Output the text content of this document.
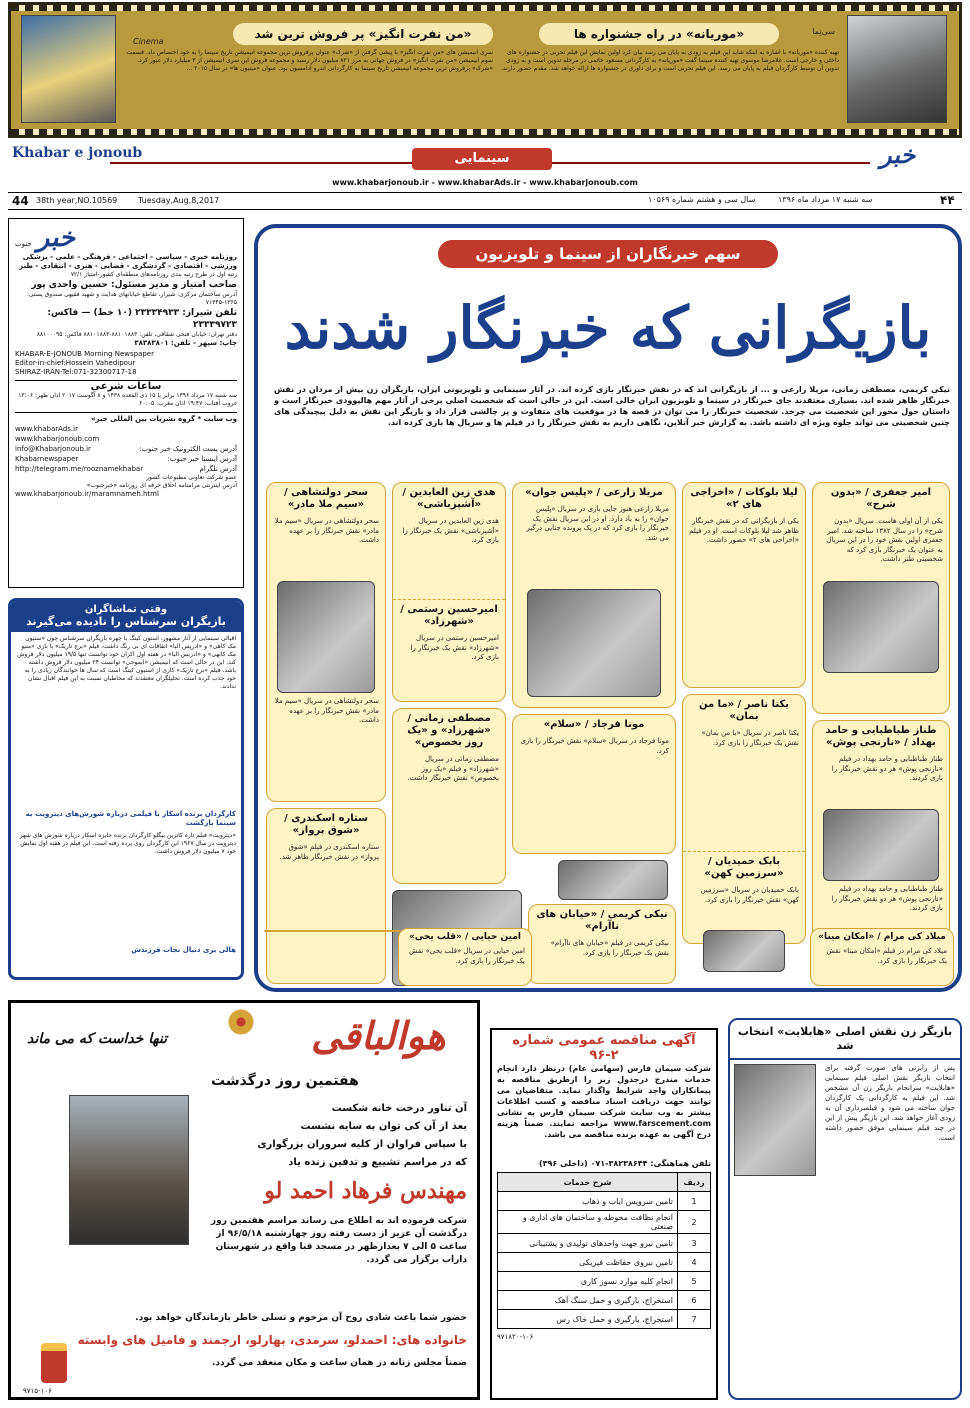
Cinema
«من نفرت انگیز» پر فروش ترین شد
سری انیمیشن های «من نفرت انگیز» با پیشی گرفتن از «شرک» عنوان پرفروش ترین مجموعه انیمیشن تاریخ سینما را به خود اختصاص داد. قسمت سوم انیمیشن «من نفرت انگیز» در فروش جهانی به مرز ۸۲۱ میلیون دلار رسید و مجموعه فروش این سری انیمیشن از ۳ میلیارد دلار عبور کرد. «شرک» پرفروش ترین مجموعه انیمیشن تاریخ سینما به کارگردانی اندرو آدامسون بود. عنوان «مینیون ها» در سال ۲۰۱۵ ...
«موریانه» در راه جشنواره ها	سی‌نِما
تهیه کننده «موریانه» با اشاره به اینکه شاید این فیلم به زودی به پایان می رسد بیان کرد اولین نمایش این فیلم تجربی در جشنواره های داخلی و خارجی است. غلامرضا موسوی تهیه کننده سینما گفت «موریانه» به کارگردانی مسعود حاتمی در مرحله تدوین است و به زودی تدوین آن توسط کارگردان فیلم به پایان می رسد. این فیلم تجربی است و برای داوری در جشنواره ها ارائه خواهد شد. مقدم حضور دارند.
Khabar e jonoub	خبر
سینمایی
www.khabarjonoub.ir - www.khabarAds.ir - www.khabarjonoub.com
44 38th year,NO.10569	Tuesday,Aug,8,2017	سال سی و هشتم شماره ۱۰۵۶۹	سه شنبه ۱۷ مرداد ماه ۱۳۹۶	۴۴
خبر جنوب
روزنامه خبری - سیاسی - اجتماعی - فرهنگی - علمی - پزشکی ورزشی - اقتصادی - گردشگری - قضایی - هنری - انتقادی - طنز
رتبه اول در طرح رتبه بندی روزنامه‌های منطقه‌ای کشور-امتیاز ۷۲/۱
صاحب امتیاز و مدیر مسئول: حسین واحدی پور
آدرس ساختمان مرکزی: شیراز، تقاطع خیابانهای هدایت و شهید فقیهی صندوق پستی: ۱۳۶۵-۷۱۳۴۵
تلفن شیراز: ۲۳۳۳۴۹۳۳ (۱۰ خط) — فاکس: ۲۳۳۳۹۷۲۳
دفتر تهران: خیابان فتحی شقاقی، تلفن: ۸۸۱۰۱۸۸۳-۸۸۱۰۱۸۸۳ فاکس: ۸۸۱۰۰۰۹۵
چاپ: سپهر - تلفن: ۳۸۳۸۳۸۰۱
KHABAR-E-JONOUB Morning Newspaper
Editor-in-chief:Hossein Vahedipour
SHIRAZ-IRAN-Tel:071-32300717-18
ساعات شرعی
سه شنبه ۱۷ مرداد ۱۳۹۶ برابر با ۱۵ ذی القعده ۱۴۳۸ و ۸ آگوست ۲۰۱۷ اذان ظهر: ۱۳:۰۶ غروب آفتاب: ۱۹:۴۷ اذان مغرب: ۲۰:۰۵
وب سایت * گروه نشریات بین المللی خبر»
www.khabarAds.ir
www.khabarjonoub.com
آدرس پست الکترونیک خبر جنوب:
info@Khabarjonoub.ir
آدرس اینستا خبر جنوب:
Khabarnewspaper
آدرس تلگرام
http://telegram.me/rooznamekhabar
عضو شرکت تعاونی مطبوعات کشور
آدرس اینترنتی مرامنامه اخلاق حرفه ای روزنامه «خبرجنوب»
www.khabarjonoub.ir/maramnameh.html
وقتی تماشاگران
بازیگران سرشناس را نادیده می‌گیرند
اقبالی سینمایی از آثار مشهور، استون کینگ با چهره بازیگران سرشناس چون «ستیون مک کاهی» و «ادریس البا» اتفاقات ای بی رنگ داشت. فیلم «برج تاریک» با بازی «متیو مک کانهی» و «ادریس البا» در هفته اول اکران خود توانست تنها ۱۹/۵ میلیون دلار فروش کند. این در حالی است که انیمیشن «ایموجی» توانست ۲۴ میلیون دلار فروش داشته باشد. فیلم «برج تاریک» کاری از استیون کینگ است که سال ها خوانندگان زیادی را به خود جذب کرده است. تحلیلگران معتقدند که مخاطبان نسبت به این فیلم اقبال نشان ندادند.
کارگردان برنده اسکار با فیلمی درباره شورش‌های دیترویت به سینما بازگشت
«دیترویت» فیلم تازه کاترین بیگلو کارگردان برنده جایزه اسکار درباره شورش های شهر دیترویت در سال ۱۹۶۷ این کارگردان روی پرده رفته است. این فیلم در هفته اول نمایش خود ۷ میلیون دلار فروش داشت.
هالی بری دنبال نجات فرزندش
سهم خبرنگاران از سینما و تلویزیون
بازیگرانی که خبرنگار شدند
نیکی کریمی، مصطفی زمانی، مریلا زارعی و ... از بازیگرانی اند که در نقش خبرنگار بازی کرده اند. در آثار سینمایی و تلویزیونی ایران، بازیگران زن بیش از مردان در نقش خبرنگار ظاهر شده اند. بسیاری معتقدند جای خبرنگار در سینما و تلویزیون ایران خالی است. این در حالی است که شخصیت اصلی برخی از آثار مهم هالیوودی خبرنگار است و داستان حول محور این شخصیت می چرخد. شخصیت خبرنگار را می توان در قصه ها در موقعیت های متفاوت و پر چالشی قرار داد و بازیگر این نقش به دلیل پیچیدگی های چنین شخصیتی می تواند جلوه ویژه ای داشته باشد. به گزارش خبر آنلاین، نگاهی داریم به نقش خبرنگار را در فیلم ها و سریال ها بازی کرده اند.
امیر جعفری / «بدون شرح»
یکی از آن اولی هاست. سریال «بدون شرح» را در سال ۱۳۸۲ ساخته شد. امیر جعفری اولین نقش خود را در این سریال به عنوان یک خبرنگار بازی کرد که شخصیتی طنز داشت.
لیلا بلوکات / «اخراجی های ۲»
یکی از بازیگرانی که در نقش خبرنگار ظاهر شد لیلا بلوکات است. او در فیلم «اخراجی های ۲» حضور داشت.
مریلا زارعی / «پلیس جوان»
مریلا زارعی هنوز جایی بازی در سریال «پلیس جوان» را به یاد دارد. او در این سریال نقش یک خبرنگار را بازی کرد که در یک پرونده جنایی درگیر می شد.
هدی زین العابدین / «آشپزباشی»
هدی زین العابدین در سریال «آشپزباشی» نقش یک خبرنگار را بازی کرد.
امیرحسین رستمی / «شهرزاد»
امیرحسین رستمی در سریال «شهرزاد» نقش یک خبرنگار را بازی کرد.
سحر دولتشاهی / «سیم ملا مادر»
سحر دولتشاهی در سریال «سیم ملا مادر» نقش خبرنگار را بر عهده داشت.
سحر دولتشاهی در سریال «سیم ملا مادر» نقش خبرنگار را بر عهده داشت.
یکتا ناصر / «ما من بمان»
یکتا ناصر در سریال «با من بمان» نقش یک خبرنگار را بازی کرد.
بابک حمیدیان / «سرزمین کهن»
بابک حمیدیان در سریال «سرزمین کهن» نقش خبرنگار را بازی کرد.
طناز طباطبایی و حامد بهداد / «نارنجی پوش»
طناز طباطبایی و حامد بهداد در فیلم «نارنجی پوش» هر دو نقش خبرنگار را بازی کردند.
طناز طباطبایی و حامد بهداد در فیلم «نارنجی پوش» هر دو نقش خبرنگار را بازی کردند.
مصطفی زمانی / «شهرزاد» و «یک روز بخصوص»
مصطفی زمانی در سریال «شهرزاد» و فیلم «یک روز بخصوص» نقش خبرنگار داشت.
مونا فرجاد / «سلام»
مونا فرجاد در سریال «سلام» نقش خبرنگار را بازی کرد.
ستاره اسکندری / «شوق پرواز»
ستاره اسکندری در فیلم «شوق پرواز» در نقش خبرنگار ظاهر شد.
نیکی کریمی / «خیابان های ناآرام»
نیکی کریمی در فیلم «خیابان های ناآرام» نقش یک خبرنگار را بازی کرد.
تنها خداست که می ماند	هوالباقی
هفتمین روز درگذشت
آن تناور درخت خانه شکست
بعد از آن کی توان به سایه نشست
با سپاس فراوان از کلیه سروران بزرگواری
که در مراسم تشییع و تدفین زنده یاد
مهندس فرهاد احمد لو
شرکت فرموده اند به اطلاع می رساند مراسم هفتمین روز درگذشت آن عزیز از دست رفته روز چهارشنبه ۹۶/۵/۱۸ از ساعت ۵ الی ۷ بعدازظهر در مسجد قبا واقع در شهرستان داراب برگزار می گردد.
حضور شما باعث شادی روح آن مرحوم و تسلی خاطر بازماندگان خواهد بود.
خانواده های: احمدلو، سرمدی، بهارلو، ارجمند و فامیل های وابسته
ضمناً مجلس زنانه در همان ساعت و مکان منعقد می گردد.
۹۷۱۵-۱۰۶
آگهی مناقصه عمومی شماره ۲-۹۶
شرکت سیمان فارس (سهامی عام) درنظر دارد انجام خدمات مندرج درجدول زیر را ازطریق مناقصه به پیمانکاران واجد شرایط واگذار نماید. متقاضیان می توانند جهت دریافت اسناد مناقصه و کسب اطلاعات بیشتر به وب سایت شرکت سیمان فارس به نشانی www.farscement.com مراجعه نمایند. ضمناً هزینه درج آگهی به عهده برنده مناقصه می باشد.
تلفن هماهنگی: ۳۸۲۳۸۶۴۴-۰۷۱ (داخلی ۳۹۶)
ردیف	شرح خدمات
1	تامین سرویس ایاب و ذهاب
2	انجام نظافت محوطه و ساختمان های اداری و صنعتی
3	تامین نیرو جهت واحدهای تولیدی و پشتیبانی
4	تامین نیروی حفاظت فیزیکی
5	انجام کلیه موارد نسوز کاری
6	استخراج، بارگیری و حمل سنگ آهک
7	استخراج، بارگیری و حمل خاک رس
۹۷۱۸۲۰-۱۰۶
بازیگر زن نقش اصلی «هابلایت» انتخاب شد
پس از رایزنی های صورت گرفته برای انتخاب بازیگر نقش اصلی فیلم سینمایی «هابلایت» سرانجام بازیگر زن آن مشخص شد. این فیلم به کارگردانی یک کارگردان جوان ساخته می شود و فیلمبرداری آن به زودی آغاز خواهد شد. این بازیگر پیش از این در چند فیلم سینمایی موفق حضور داشته است.
امین حیایی / «قلب یخی»
امین حیایی در سریال «قلب یخی» نقش یک خبرنگار را بازی کرد.
میلاد کی مرام / «امکان مینا»
میلاد کی مرام در فیلم «امکان مینا» نقش یک خبرنگار را بازی کرد.
